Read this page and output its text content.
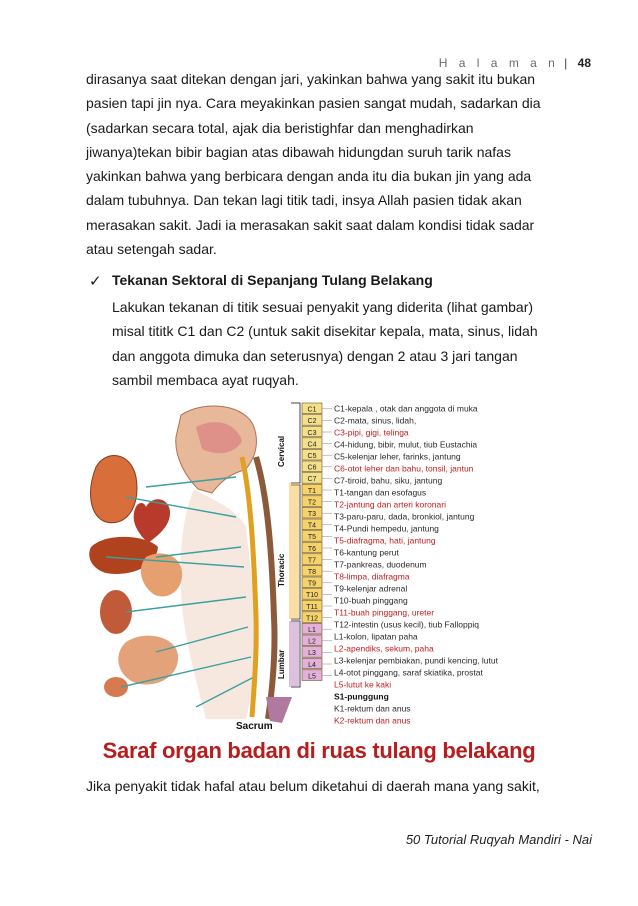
H a l a m a n | 48
dirasanya saat ditekan dengan jari, yakinkan bahwa yang sakit itu bukan
pasien tapi jin nya. Cara meyakinkan pasien sangat mudah, sadarkan dia
(sadarkan secara total, ajak dia beristighfar dan menghadirkan
jiwanya)tekan bibir bagian atas dibawah hidungdan suruh tarik nafas
yakinkan bahwa yang berbicara dengan anda itu dia bukan jin yang ada
dalam tubuhnya. Dan tekan lagi titik tadi, insya Allah pasien tidak akan
merasakan sakit. Jadi ia merasakan sakit saat dalam kondisi tidak sadar
atau setengah sadar.
✓ Tekanan Sektoral di Sepanjang Tulang Belakang
Lakukan tekanan di titik sesuai penyakit yang diderita (lihat gambar)
misal tititk C1 dan C2 (untuk sakit disekitar kepala, mata, sinus, lidah
dan anggota dimuka dan seterusnya) dengan 2 atau 3 jari tangan
sambil membaca ayat ruqyah.
Cervical
Thoracic
Lumbar
Sacrum
C1
C2
C3
C4
C5
C6
C7
T1
T2
T3
T4
T5
T6
T7
T8
T9
T10
T11
T12
L1
L2
L3
L4
L5
C1-kepala , otak dan anggota di muka
C2-mata, sinus, lidah,
C3-pipi, gigi, telinga
C4-hidung, bibir, mulut, tiub Eustachia
C5-kelenjar leher, farinks, jantung
C6-otot leher dan bahu, tonsil, jantun
C7-tiroid, bahu, siku, jantung
T1-tangan dan esofagus
T2-jantung dan arteri koronari
T3-paru-paru, dada, bronkiol, jantung
T4-Pundi hempedu, jantung
T5-diafragma, hati, jantung
T6-kantung perut
T7-pankreas, duodenum
T8-limpa, diafragma
T9-kelenjar adrenal
T10-buah pinggang
T11-buah pinggang, ureter
T12-intestin (usus kecil), tiub Falloppiq
L1-kolon, lipatan paha
L2-apendiks, sekum, paha
L3-kelenjar pembiakan, pundi kencing, lutut
L4-otot pinggang, saraf skiatika, prostat
L5-lutut ke kaki
S1-punggung
K1-rektum dan anus
K2-rektum dan anus
Saraf organ badan di ruas tulang belakang
Jika penyakit tidak hafal atau belum diketahui di daerah mana yang sakit,
50 Tutorial Ruqyah Mandiri - Nai
